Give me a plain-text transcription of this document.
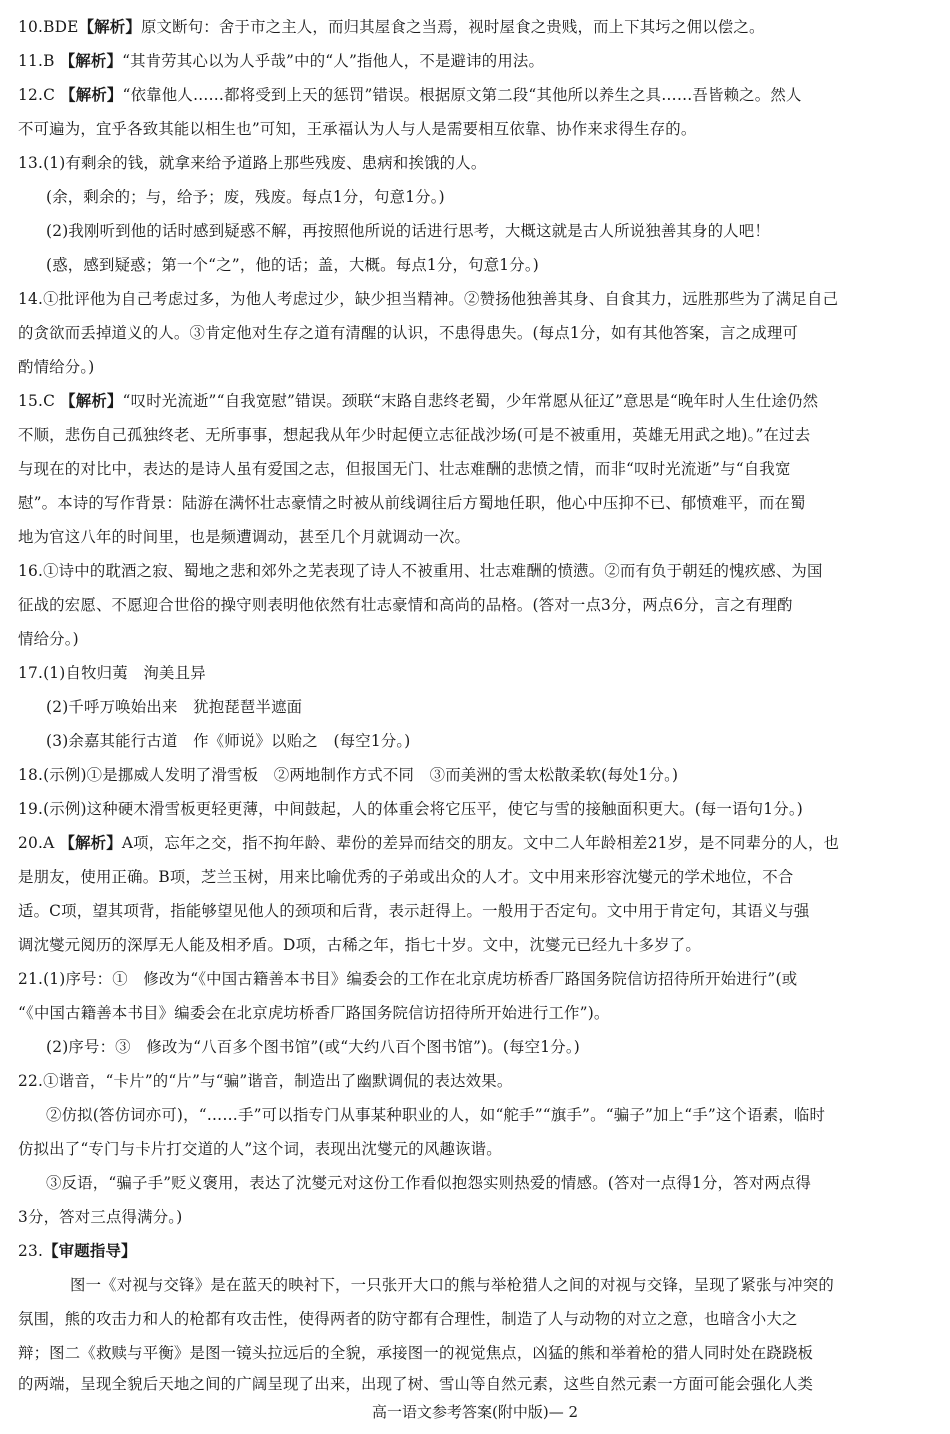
10.BDE【解析】原文断句：舍于市之主人，而归其屋食之当焉，视时屋食之贵贱，而上下其圬之佣以偿之。
11.B 【解析】“其肯劳其心以为人乎哉”中的“人”指他人，不是避讳的用法。
12.C 【解析】“依靠他人……都将受到上天的惩罚”错误。根据原文第二段“其他所以养生之具……吾皆赖之。然人
不可遍为，宜乎各致其能以相生也”可知，王承福认为人与人是需要相互依靠、协作来求得生存的。
13.(1)有剩余的钱，就拿来给予道路上那些残废、患病和挨饿的人。
(余，剩余的；与，给予；废，残废。每点1分，句意1分。)
(2)我刚听到他的话时感到疑惑不解，再按照他所说的话进行思考，大概这就是古人所说独善其身的人吧！
(惑，感到疑惑；第一个“之”，他的话；盖，大概。每点1分，句意1分。)
14.①批评他为自己考虑过多，为他人考虑过少，缺少担当精神。②赞扬他独善其身、自食其力，远胜那些为了满足自己
的贪欲而丢掉道义的人。③肯定他对生存之道有清醒的认识，不患得患失。(每点1分，如有其他答案，言之成理可
酌情给分。)
15.C 【解析】“叹时光流逝”“自我宽慰”错误。颈联“末路自悲终老蜀，少年常愿从征辽”意思是“晚年时人生仕途仍然
不顺，悲伤自己孤独终老、无所事事，想起我从年少时起便立志征战沙场(可是不被重用，英雄无用武之地)。”在过去
与现在的对比中，表达的是诗人虽有爱国之志，但报国无门、壮志难酬的悲愤之情，而非“叹时光流逝”与“自我宽
慰”。本诗的写作背景：陆游在满怀壮志豪情之时被从前线调往后方蜀地任职，他心中压抑不已、郁愤难平，而在蜀
地为官这八年的时间里，也是频遭调动，甚至几个月就调动一次。
16.①诗中的耽酒之寂、蜀地之悲和郊外之芜表现了诗人不被重用、壮志难酬的愤懑。②而有负于朝廷的愧疚感、为国
征战的宏愿、不愿迎合世俗的操守则表明他依然有壮志豪情和高尚的品格。(答对一点3分，两点6分，言之有理酌
情给分。)
17.(1)自牧归荑　洵美且异
(2)千呼万唤始出来　犹抱琵琶半遮面
(3)余嘉其能行古道　作《师说》以贻之　(每空1分。)
18.(示例)①是挪威人发明了滑雪板　②两地制作方式不同　③而美洲的雪太松散柔软(每处1分。)
19.(示例)这种硬木滑雪板更轻更薄，中间鼓起，人的体重会将它压平，使它与雪的接触面积更大。(每一语句1分。)
20.A 【解析】A项，忘年之交，指不拘年龄、辈份的差异而结交的朋友。文中二人年龄相差21岁，是不同辈分的人，也
是朋友，使用正确。B项，芝兰玉树，用来比喻优秀的子弟或出众的人才。文中用来形容沈燮元的学术地位，不合
适。C项，望其项背，指能够望见他人的颈项和后背，表示赶得上。一般用于否定句。文中用于肯定句，其语义与强
调沈燮元阅历的深厚无人能及相矛盾。D项，古稀之年，指七十岁。文中，沈燮元已经九十多岁了。
21.(1)序号：①　修改为“《中国古籍善本书目》编委会的工作在北京虎坊桥香厂路国务院信访招待所开始进行”(或
“《中国古籍善本书目》编委会在北京虎坊桥香厂路国务院信访招待所开始进行工作”)。
(2)序号：③　修改为“八百多个图书馆”(或“大约八百个图书馆”)。(每空1分。)
22.①谐音，“卡片”的“片”与“骗”谐音，制造出了幽默调侃的表达效果。
②仿拟(答仿词亦可)，“……手”可以指专门从事某种职业的人，如“舵手”“旗手”。“骗子”加上“手”这个语素，临时
仿拟出了“专门与卡片打交道的人”这个词，表现出沈燮元的风趣诙谐。
③反语，“骗子手”贬义褒用，表达了沈燮元对这份工作看似抱怨实则热爱的情感。(答对一点得1分，答对两点得
3分，答对三点得满分。)
23.【审题指导】
图一《对视与交锋》是在蓝天的映衬下，一只张开大口的熊与举枪猎人之间的对视与交锋，呈现了紧张与冲突的
氛围，熊的攻击力和人的枪都有攻击性，使得两者的防守都有合理性，制造了人与动物的对立之意，也暗含小大之
辩；图二《救赎与平衡》是图一镜头拉远后的全貌，承接图一的视觉焦点，凶猛的熊和举着枪的猎人同时处在跷跷板
的两端，呈现全貌后天地之间的广阔呈现了出来，出现了树、雪山等自然元素，这些自然元素一方面可能会强化人类
高一语文参考答案(附中版)— 2
